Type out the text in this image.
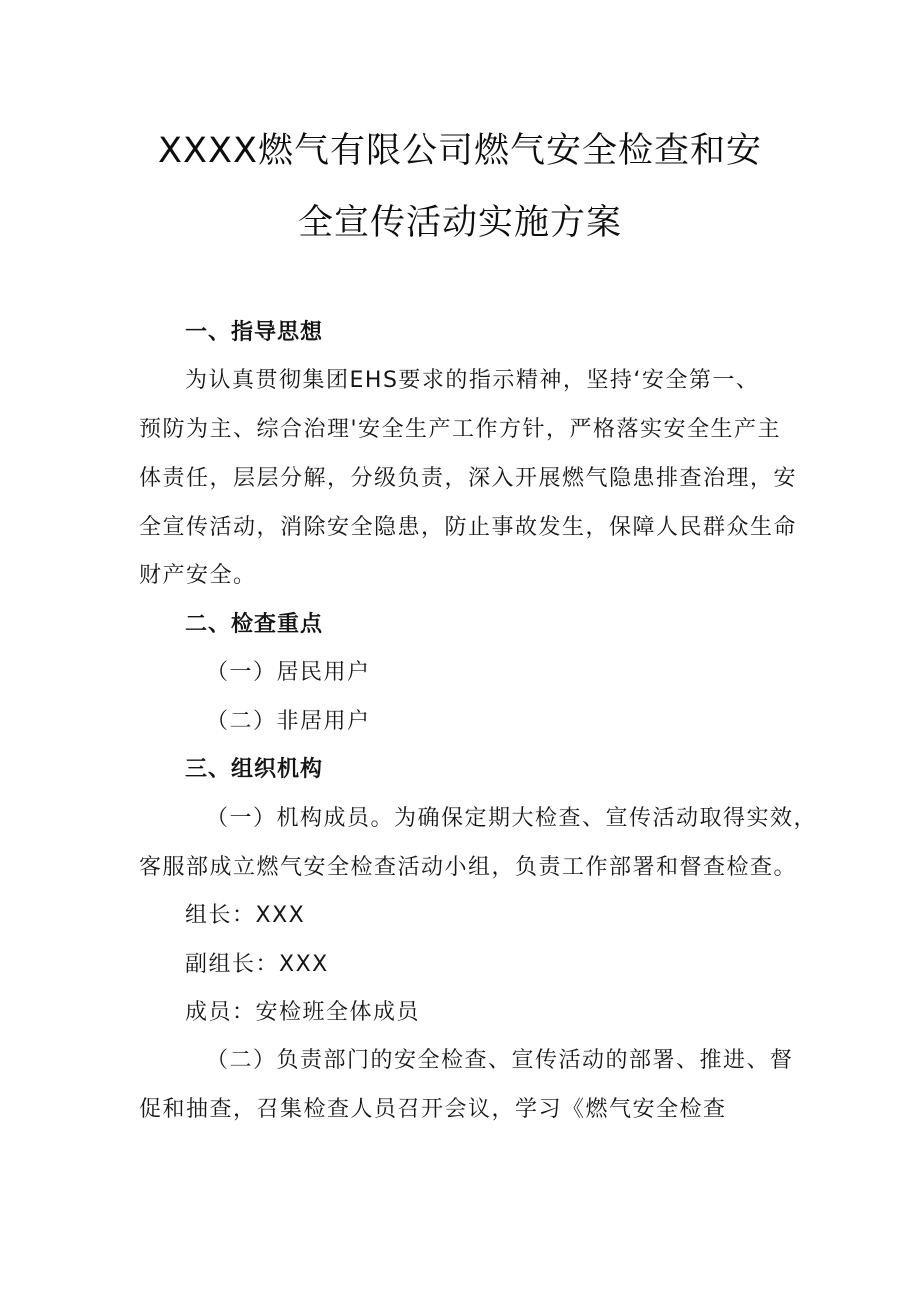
XXXX燃气有限公司燃气安全检查和安
全宣传活动实施方案
一、指导思想
为认真贯彻集团EHS要求的指示精神，坚持‘安全第一、
预防为主、综合治理'安全生产工作方针，严格落实安全生产主
体责任，层层分解，分级负责，深入开展燃气隐患排查治理，安
全宣传活动，消除安全隐患，防止事故发生，保障人民群众生命
财产安全。
二、检查重点
（一）居民用户
（二）非居用户
三、组织机构
（一）机构成员。为确保定期大检查、宣传活动取得实效，
客服部成立燃气安全检查活动小组，负责工作部署和督查检查。
组长：XXX
副组长：XXX
成员：安检班全体成员
（二）负责部门的安全检查、宣传活动的部署、推进、督
促和抽查，召集检查人员召开会议，学习《燃气安全检查
